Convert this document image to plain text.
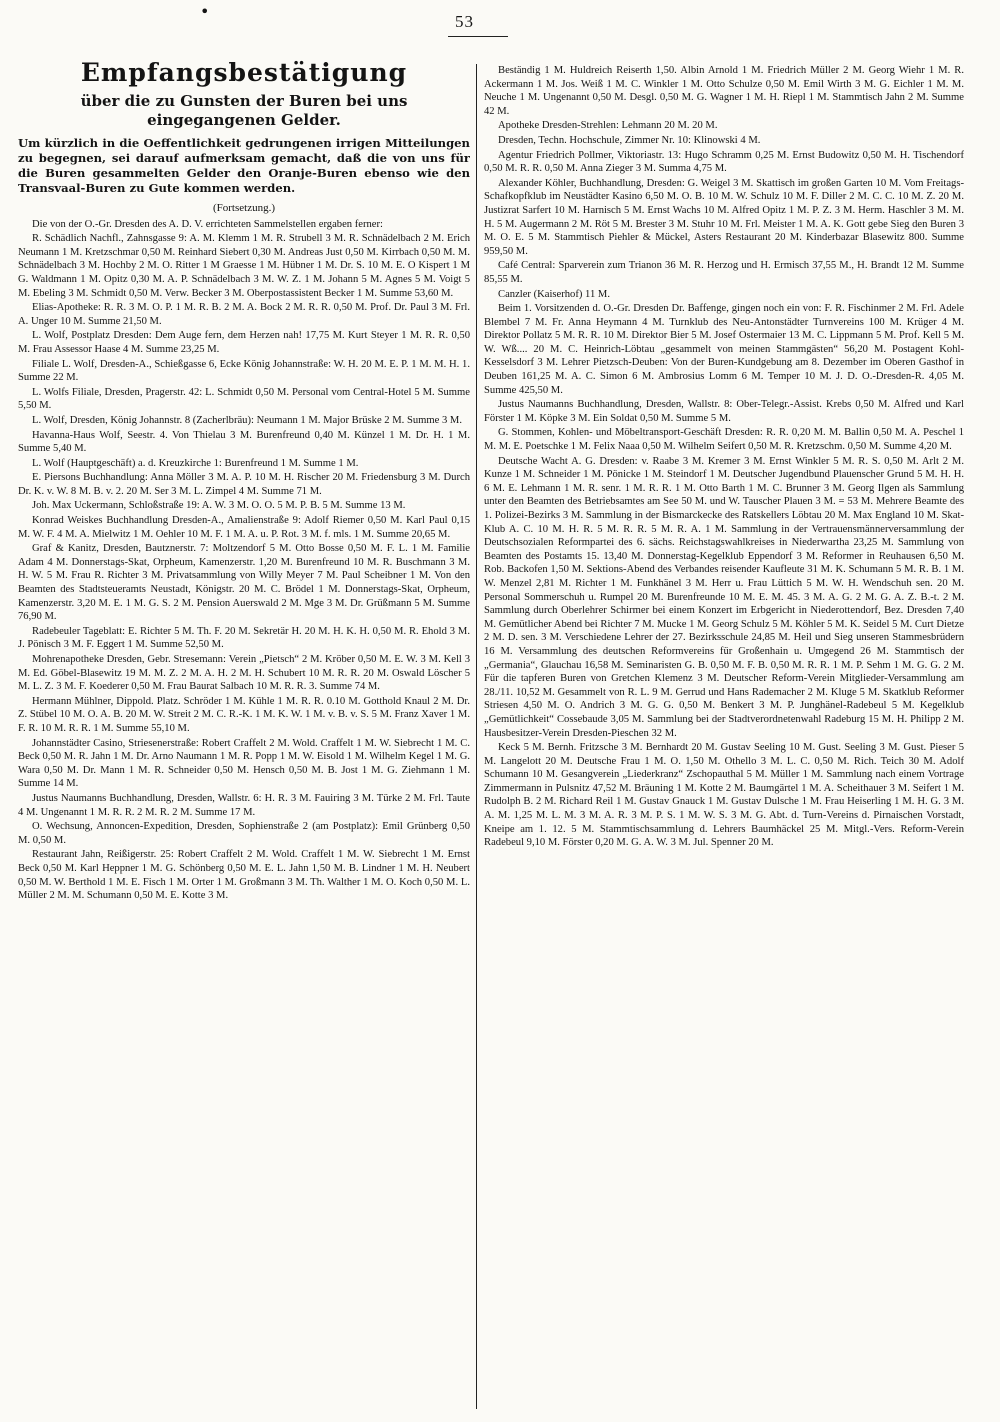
•
53
Empfangsbestätigung
über die zu Gunsten der Buren bei uns eingegangenen Gelder.
Um kürzlich in die Oeffentlichkeit gedrungenen irrigen Mitteilungen zu begegnen, sei darauf aufmerksam gemacht, daß die von uns für die Buren gesammelten Gelder den Oranje-Buren ebenso wie den Transvaal-Buren zu Gute kommen werden.
(Fortsetzung.)
Die von der O.-Gr. Dresden des A. D. V. errichteten Sammelstellen ergaben ferner:
R. Schädlich Nachfl., Zahnsgasse 9: A. M. Klemm 1 M. R. Strubell 3 M. R. Schnädelbach 2 M. Erich Neumann 1 M. Kretzschmar 0,50 M. Reinhard Siebert 0,30 M. Andreas Just 0,50 M. Kirrbach 0,50 M. M. Schnädelbach 3 M. Hochby 2 M. O. Ritter 1 M Graesse 1 M. Hübner 1 M. Dr. S. 10 M. E. O Kispert 1 M G. Waldmann 1 M. Opitz 0,30 M. A. P. Schnädelbach 3 M. W. Z. 1 M. Johann 5 M. Agnes 5 M. Voigt 5 M. Ebeling 3 M. Schmidt 0,50 M. Verw. Becker 3 M. Oberpostassistent Becker 1 M. Summe 53,60 M.
Elias-Apotheke: R. R. 3 M. O. P. 1 M. R. B. 2 M. A. Bock 2 M. R. R. 0,50 M. Prof. Dr. Paul 3 M. Frl. A. Unger 10 M. Summe 21,50 M.
L. Wolf, Postplatz Dresden: Dem Auge fern, dem Herzen nah! 17,75 M. Kurt Steyer 1 M. R. R. 0,50 M. Frau Assessor Haase 4 M. Summe 23,25 M.
Filiale L. Wolf, Dresden-A., Schießgasse 6, Ecke König Johannstraße: W. H. 20 M. E. P. 1 M. M. H. 1. Summe 22 M.
L. Wolfs Filiale, Dresden, Pragerstr. 42: L. Schmidt 0,50 M. Personal vom Central-Hotel 5 M. Summe 5,50 M.
L. Wolf, Dresden, König Johannstr. 8 (Zacherlbräu): Neumann 1 M. Major Brüske 2 M. Summe 3 M.
Havanna-Haus Wolf, Seestr. 4. Von Thielau 3 M. Burenfreund 0,40 M. Künzel 1 M. Dr. H. 1 M. Summe 5,40 M.
L. Wolf (Hauptgeschäft) a. d. Kreuzkirche 1: Burenfreund 1 M. Summe 1 M.
E. Piersons Buchhandlung: Anna Möller 3 M. A. P. 10 M. H. Rischer 20 M. Friedensburg 3 M. Durch Dr. K. v. W. 8 M. B. v. 2. 20 M. Ser 3 M. L. Zimpel 4 M. Summe 71 M.
Joh. Max Uckermann, Schloßstraße 19: A. W. 3 M. O. O. 5 M. P. B. 5 M. Summe 13 M.
Konrad Weiskes Buchhandlung Dresden-A., Amalienstraße 9: Adolf Riemer 0,50 M. Karl Paul 0,15 M. W. F. 4 M. A. Mielwitz 1 M. Oehler 10 M. F. 1 M. A. u. P. Rot. 3 M. f. mls. 1 M. Summe 20,65 M.
Graf & Kanitz, Dresden, Bautznerstr. 7: Moltzendorf 5 M. Otto Bosse 0,50 M. F. L. 1 M. Familie Adam 4 M. Donnerstags-Skat, Orpheum, Kamenzerstr. 1,20 M. Burenfreund 10 M. R. Buschmann 3 M. H. W. 5 M. Frau R. Richter 3 M. Privatsammlung von Willy Meyer 7 M. Paul Scheibner 1 M. Von den Beamten des Stadtsteueramts Neustadt, Königstr. 20 M. C. Brödel 1 M. Donnerstags-Skat, Orpheum, Kamenzerstr. 3,20 M. E. 1 M. G. S. 2 M. Pension Auerswald 2 M. Mge 3 M. Dr. Grüßmann 5 M. Summe 76,90 M.
Radebeuler Tageblatt: E. Richter 5 M. Th. F. 20 M. Sekretär H. 20 M. H. K. H. 0,50 M. R. Ehold 3 M. J. Pönisch 3 M. F. Eggert 1 M. Summe 52,50 M.
Mohrenapotheke Dresden, Gebr. Stresemann: Verein „Pietsch“ 2 M. Kröber 0,50 M. E. W. 3 M. Kell 3 M. Ed. Göbel-Blasewitz 19 M. M. Z. 2 M. A. H. 2 M. H. Schubert 10 M. R. R. 20 M. Oswald Löscher 5 M. L. Z. 3 M. F. Koederer 0,50 M. Frau Baurat Salbach 10 M. R. R. 3. Summe 74 M.
Hermann Mühlner, Dippold. Platz. Schröder 1 M. Kühle 1 M. R. R. 0.10 M. Gotthold Knaul 2 M. Dr. Z. Stübel 10 M. O. A. B. 20 M. W. Streit 2 M. C. R.-K. 1 M. K. W. 1 M. v. B. v. S. 5 M. Franz Xaver 1 M. F. R. 10 M. R. R. 1 M. Summe 55,10 M.
Johannstädter Casino, Striesenerstraße: Robert Craffelt 2 M. Wold. Craffelt 1 M. W. Siebrecht 1 M. C. Beck 0,50 M. R. Jahn 1 M. Dr. Arno Naumann 1 M. R. Popp 1 M. W. Eisold 1 M. Wilhelm Kegel 1 M. G. Wara 0,50 M. Dr. Mann 1 M. R. Schneider 0,50 M. Hensch 0,50 M. B. Jost 1 M. G. Ziehmann 1 M. Summe 14 M.
Justus Naumanns Buchhandlung, Dresden, Wallstr. 6: H. R. 3 M. Fauiring 3 M. Türke 2 M. Frl. Taute 4 M. Ungenannt 1 M. R. R. 2 M. R. 2 M. Summe 17 M.
O. Wechsung, Annoncen-Expedition, Dresden, Sophienstraße 2 (am Postplatz): Emil Grünberg 0,50 M. 0,50 M.
Restaurant Jahn, Reißigerstr. 25: Robert Craffelt 2 M. Wold. Craffelt 1 M. W. Siebrecht 1 M. Ernst Beck 0,50 M. Karl Heppner 1 M. G. Schönberg 0,50 M. E. L. Jahn 1,50 M. B. Lindner 1 M. H. Neubert 0,50 M. W. Berthold 1 M. E. Fisch 1 M. Orter 1 M. Großmann 3 M. Th. Walther 1 M. O. Koch 0,50 M. L. Müller 2 M. M. Schumann 0,50 M. E. Kotte 3 M.
Beständig 1 M. Huldreich Reiserth 1,50. Albin Arnold 1 M. Friedrich Müller 2 M. Georg Wiehr 1 M. R. Ackermann 1 M. Jos. Weiß 1 M. C. Winkler 1 M. Otto Schulze 0,50 M. Emil Wirth 3 M. G. Eichler 1 M. M. Neuche 1 M. Ungenannt 0,50 M. Desgl. 0,50 M. G. Wagner 1 M. H. Riepl 1 M. Stammtisch Jahn 2 M. Summe 42 M.
Apotheke Dresden-Strehlen: Lehmann 20 M. 20 M.
Dresden, Techn. Hochschule, Zimmer Nr. 10: Klinowski 4 M.
Agentur Friedrich Pollmer, Viktoriastr. 13: Hugo Schramm 0,25 M. Ernst Budowitz 0,50 M. H. Tischendorf 0,50 M. R. R. 0,50 M. Anna Zieger 3 M. Summa 4,75 M.
Alexander Köhler, Buchhandlung, Dresden: G. Weigel 3 M. Skattisch im großen Garten 10 M. Vom Freitags-Schafkopfklub im Neustädter Kasino 6,50 M. O. B. 10 M. W. Schulz 10 M. F. Diller 2 M. C. C. 10 M. Z. 20 M. Justizrat Sarfert 10 M. Harnisch 5 M. Ernst Wachs 10 M. Alfred Opitz 1 M. P. Z. 3 M. Herm. Haschler 3 M. M. H. 5 M. Augermann 2 M. Röt 5 M. Brester 3 M. Stuhr 10 M. Frl. Meister 1 M. A. K. Gott gebe Sieg den Buren 3 M. O. E. 5 M. Stammtisch Piehler & Mückel, Asters Restaurant 20 M. Kinderbazar Blasewitz 800. Summe 959,50 M.
Café Central: Sparverein zum Trianon 36 M. R. Herzog und H. Ermisch 37,55 M., H. Brandt 12 M. Summe 85,55 M.
Canzler (Kaiserhof) 11 M.
Beim 1. Vorsitzenden d. O.-Gr. Dresden Dr. Baffenge, gingen noch ein von: F. R. Fischinmer 2 M. Frl. Adele Blembel 7 M. Fr. Anna Heymann 4 M. Turnklub des Neu-Antonstädter Turnvereins 100 M. Krüger 4 M. Direktor Pollatz 5 M. R. R. 10 M. Direktor Bier 5 M. Josef Ostermaier 13 M. C. Lippmann 5 M. Prof. Kell 5 M. W. Wß.... 20 M. C. Heinrich-Löbtau „gesammelt von meinen Stammgästen“ 56,20 M. Postagent Kohl-Kesselsdorf 3 M. Lehrer Pietzsch-Deuben: Von der Buren-Kundgebung am 8. Dezember im Oberen Gasthof in Deuben 161,25 M. A. C. Simon 6 M. Ambrosius Lomm 6 M. Temper 10 M. J. D. O.-Dresden-R. 4,05 M. Summe 425,50 M.
Justus Naumanns Buchhandlung, Dresden, Wallstr. 8: Ober-Telegr.-Assist. Krebs 0,50 M. Alfred und Karl Förster 1 M. Köpke 3 M. Ein Soldat 0,50 M. Summe 5 M.
G. Stommen, Kohlen- und Möbeltransport-Geschäft Dresden: R. R. 0,20 M. M. Ballin 0,50 M. A. Peschel 1 M. M. E. Poetschke 1 M. Felix Naaa 0,50 M. Wilhelm Seifert 0,50 M. R. Kretzschm. 0,50 M. Summe 4,20 M.
Deutsche Wacht A. G. Dresden: v. Raabe 3 M. Kremer 3 M. Ernst Winkler 5 M. R. S. 0,50 M. Arlt 2 M. Kunze 1 M. Schneider 1 M. Pönicke 1 M. Steindorf 1 M. Deutscher Jugendbund Plauenscher Grund 5 M. H. H. 6 M. E. Lehmann 1 M. R. senr. 1 M. R. R. 1 M. Otto Barth 1 M. C. Brunner 3 M. Georg Ilgen als Sammlung unter den Beamten des Betriebsamtes am See 50 M. und W. Tauscher Plauen 3 M. = 53 M. Mehrere Beamte des 1. Polizei-Bezirks 3 M. Sammlung in der Bismarckecke des Ratskellers Löbtau 20 M. Max England 10 M. Skat-Klub A. C. 10 M. H. R. 5 M. R. R. 5 M. R. A. 1 M. Sammlung in der Vertrauensmännerversammlung der Deutschsozialen Reformpartei des 6. sächs. Reichstagswahlkreises in Niederwartha 23,25 M. Sammlung von Beamten des Postamts 15. 13,40 M. Donnerstag-Kegelklub Eppendorf 3 M. Reformer in Reuhausen 6,50 M. Rob. Backofen 1,50 M. Sektions-Abend des Verbandes reisender Kaufleute 31 M. K. Schumann 5 M. R. B. 1 M. W. Menzel 2,81 M. Richter 1 M. Funkhänel 3 M. Herr u. Frau Lüttich 5 M. W. H. Wendschuh sen. 20 M. Personal Sommerschuh u. Rumpel 20 M. Burenfreunde 10 M. E. M. 45. 3 M. A. G. 2 M. G. A. Z. B.-t. 2 M. Sammlung durch Oberlehrer Schirmer bei einem Konzert im Erbgericht in Niederottendorf, Bez. Dresden 7,40 M. Gemütlicher Abend bei Richter 7 M. Mucke 1 M. Georg Schulz 5 M. Köhler 5 M. K. Seidel 5 M. Curt Dietze 2 M. D. sen. 3 M. Verschiedene Lehrer der 27. Bezirksschule 24,85 M. Heil und Sieg unseren Stammesbrüdern 16 M. Versammlung des deutschen Reformvereins für Großenhain u. Umgegend 26 M. Stammtisch der „Germania“, Glauchau 16,58 M. Seminaristen G. B. 0,50 M. F. B. 0,50 M. R. R. 1 M. P. Sehm 1 M. G. G. 2 M. Für die tapferen Buren von Gretchen Klemenz 3 M. Deutscher Reform-Verein Mitglieder-Versammlung am 28./11. 10,52 M. Gesammelt von R. L. 9 M. Gerrud und Hans Rademacher 2 M. Kluge 5 M. Skatklub Reformer Striesen 4,50 M. O. Andrich 3 M. G. G. 0,50 M. Benkert 3 M. P. Junghänel-Radebeul 5 M. Kegelklub „Gemütlichkeit“ Cossebaude 3,05 M. Sammlung bei der Stadtverordnetenwahl Radeburg 15 M. H. Philipp 2 M. Hausbesitzer-Verein Dresden-Pieschen 32 M.
Keck 5 M. Bernh. Fritzsche 3 M. Bernhardt 20 M. Gustav Seeling 10 M. Gust. Seeling 3 M. Gust. Pieser 5 M. Langelott 20 M. Deutsche Frau 1 M. O. 1,50 M. Othello 3 M. L. C. 0,50 M. Rich. Teich 30 M. Adolf Schumann 10 M. Gesangverein „Liederkranz“ Zschopauthal 5 M. Müller 1 M. Sammlung nach einem Vortrage Zimmermann in Pulsnitz 47,52 M. Bräuning 1 M. Kotte 2 M. Baumgärtel 1 M. A. Scheithauer 3 M. Seifert 1 M. Rudolph B. 2 M. Richard Reil 1 M. Gustav Gnauck 1 M. Gustav Dulsche 1 M. Frau Heiserling 1 M. H. G. 3 M. A. M. 1,25 M. L. M. 3 M. A. R. 3 M. P. S. 1 M. W. S. 3 M. G. Abt. d. Turn-Vereins d. Pirnaischen Vorstadt, Kneipe am 1. 12. 5 M. Stammtischsammlung d. Lehrers Baumhäckel 25 M. Mitgl.-Vers. Reform-Verein Radebeul 9,10 M. Förster 0,20 M. G. A. W. 3 M. Jul. Spenner 20 M.
